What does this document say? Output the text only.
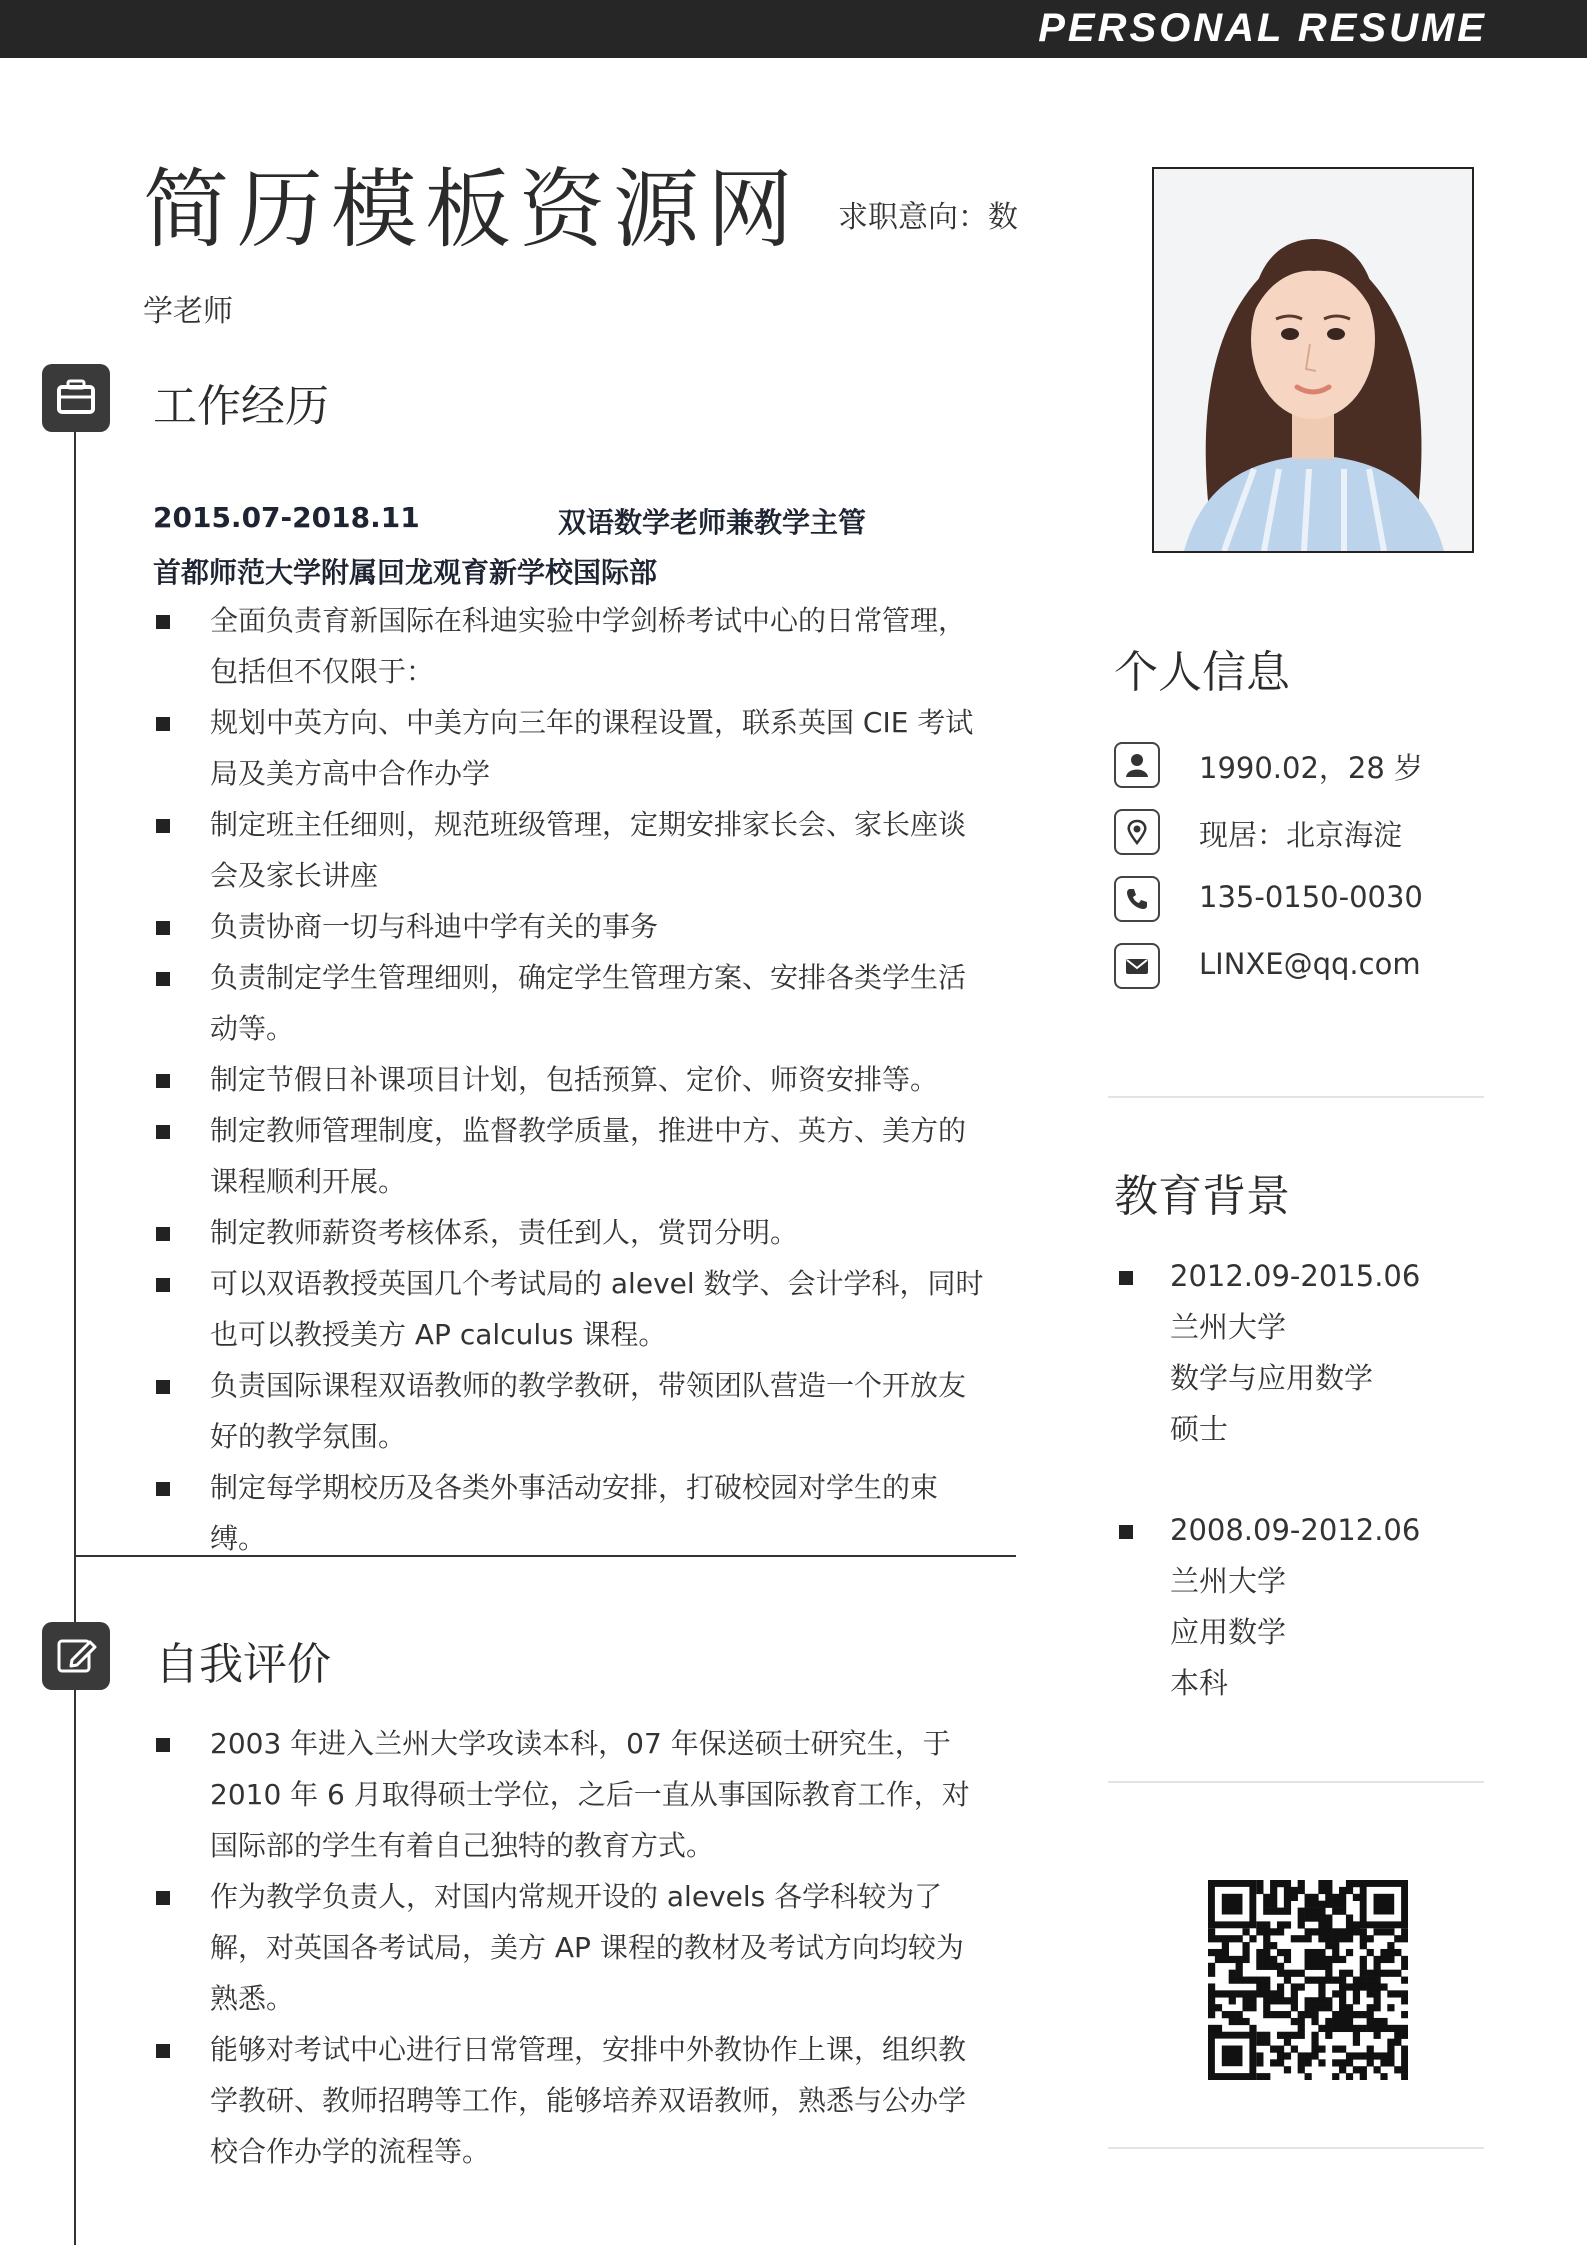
PERSONAL RESUME
简历模板资源网 求职意向：数
学老师
工作经历
2015.07-2018.11	双语数学老师兼教学主管
首都师范大学附属回龙观育新学校国际部
全面负责育新国际在科迪实验中学剑桥考试中心的日常管理，包括但不仅限于：
规划中英方向、中美方向三年的课程设置，联系英国 CIE 考试局及美方高中合作办学
制定班主任细则，规范班级管理，定期安排家长会、家长座谈会及家长讲座
负责协商一切与科迪中学有关的事务
负责制定学生管理细则，确定学生管理方案、安排各类学生活动等。
制定节假日补课项目计划，包括预算、定价、师资安排等。
制定教师管理制度，监督教学质量，推进中方、英方、美方的课程顺利开展。
制定教师薪资考核体系，责任到人，赏罚分明。
可以双语教授英国几个考试局的 alevel 数学、会计学科，同时也可以教授美方 AP calculus 课程。
负责国际课程双语教师的教学教研，带领团队营造一个开放友好的教学氛围。
制定每学期校历及各类外事活动安排，打破校园对学生的束缚。
自我评价
2003 年进入兰州大学攻读本科，07 年保送硕士研究生，于 2010 年 6 月取得硕士学位，之后一直从事国际教育工作，对国际部的学生有着自己独特的教育方式。
作为教学负责人，对国内常规开设的 alevels 各学科较为了解，对英国各考试局，美方 AP 课程的教材及考试方向均较为熟悉。
能够对考试中心进行日常管理，安排中外教协作上课，组织教学教研、教师招聘等工作，能够培养双语教师，熟悉与公办学校合作办学的流程等。
个人信息
1990.02，28 岁
现居：北京海淀
135-0150-0030
LINXE@qq.com
教育背景
2012.09-2015.06
兰州大学
数学与应用数学
硕士
2008.09-2012.06
兰州大学
应用数学
本科
